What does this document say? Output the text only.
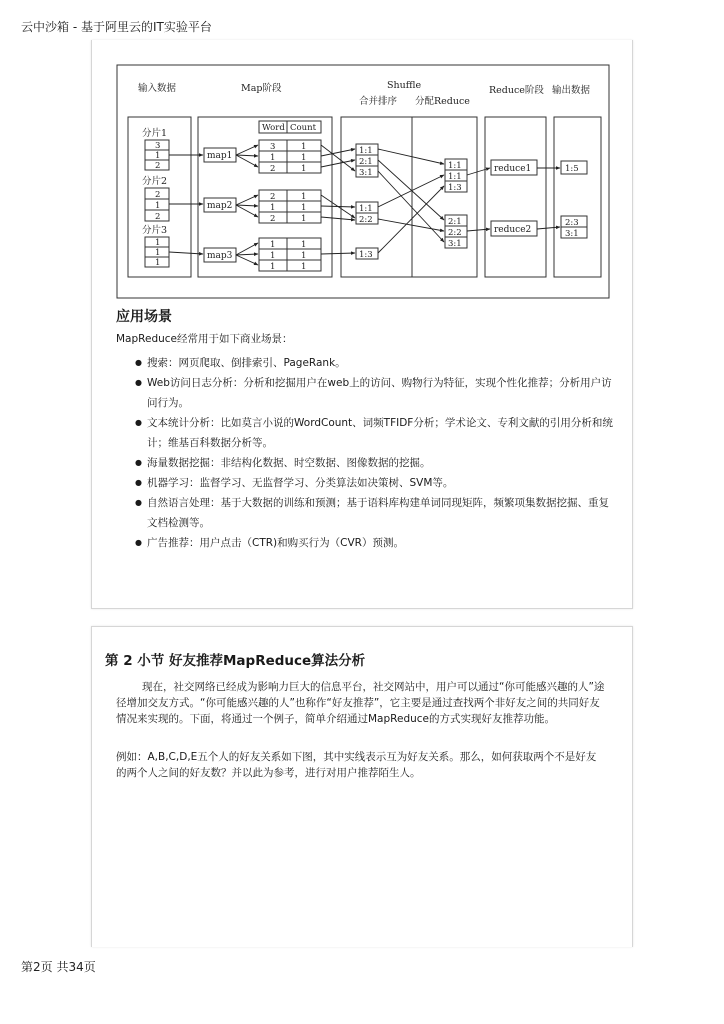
云中沙箱 - 基于阿里云的IT实验平台
输入数据	Map阶段	Shuffle
合并排序 分配Reduce
Reduce阶段 输出数据
分片1
3
1
2
分片2
2
1
2
分片3
1
1
1
map1
map2
map3
Word Count
3	1
1	1
2	1
2	1
1	1
2	1
1	1
1	1
1	1
1:1
2:1
3:1
1:1
2:2
1:3
1:1
1:1
1:3
2:1
2:2
3:1
reduce1
reduce2
1:5
2:3
3:1
应用场景
MapReduce经常用于如下商业场景：
● 搜索：网页爬取、倒排索引、PageRank。
● Web访问日志分析：分析和挖掘用户在web上的访问、购物行为特征，实现个性化推荐；分析用户访问行为。
● 文本统计分析：比如莫言小说的WordCount、词频TFIDF分析；学术论文、专利文献的引用分析和统计；维基百科数据分析等。
● 海量数据挖掘：非结构化数据、时空数据、图像数据的挖掘。
● 机器学习：监督学习、无监督学习、分类算法如决策树、SVM等。
● 自然语言处理：基于大数据的训练和预测；基于语料库构建单词同现矩阵，频繁项集数据挖掘、重复文档检测等。
● 广告推荐：用户点击（CTR)和购买行为（CVR）预测。
第 2 小节 好友推荐MapReduce算法分析

现在，社交网络已经成为影响力巨大的信息平台，社交网站中，用户可以通过“你可能感兴趣的人”途径增加交友方式。“你可能感兴趣的人”也称作“好友推荐”，它主要是通过查找两个非好友之间的共同好友情况来实现的。下面，将通过一个例子，简单介绍通过MapReduce的方式实现好友推荐功能。

例如：A,B,C,D,E五个人的好友关系如下图，其中实线表示互为好友关系。那么，如何获取两个不是好友的两个人之间的好友数？并以此为参考，进行对用户推荐陌生人。

第2页 共34页
